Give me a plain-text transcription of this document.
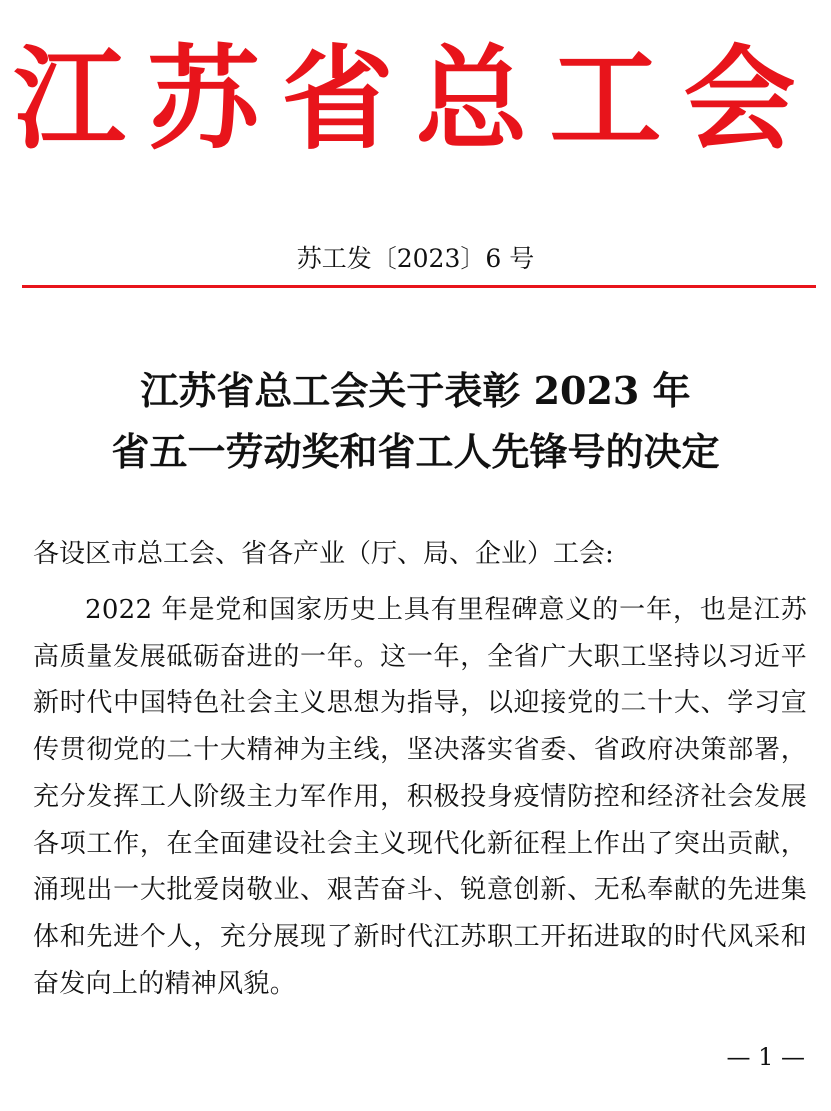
江苏省总工会
苏工发〔2023〕6 号
江苏省总工会关于表彰 2023 年
省五一劳动奖和省工人先锋号的决定
各设区市总工会、省各产业（厅、局、企业）工会:

2022 年是党和国家历史上具有里程碑意义的一年，也是江苏高质量发展砥砺奋进的一年。这一年，全省广大职工坚持以习近平新时代中国特色社会主义思想为指导，以迎接党的二十大、学习宣传贯彻党的二十大精神为主线，坚决落实省委、省政府决策部署，充分发挥工人阶级主力军作用，积极投身疫情防控和经济社会发展各项工作，在全面建设社会主义现代化新征程上作出了突出贡献，涌现出一大批爱岗敬业、艰苦奋斗、锐意创新、无私奉献的先进集体和先进个人，充分展现了新时代江苏职工开拓进取的时代风采和奋发向上的精神风貌。

— 1 —
